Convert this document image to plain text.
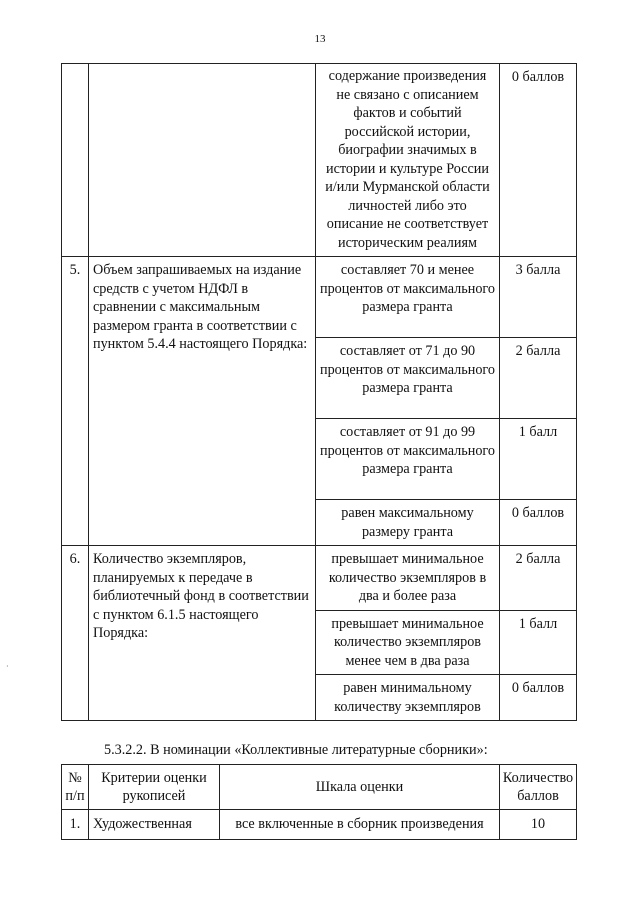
13
		содержание произведения не связано с описанием фактов и событий российской истории, биографии значимых в истории и культуре России и/или Мурманской области личностей либо это описание не соответствует историческим реалиям	0 баллов
5.	Объем запрашиваемых на издание средств с учетом НДФЛ в сравнении с максимальным размером гранта в соответствии с пунктом 5.4.4 настоящего Порядка:	составляет 70 и менее процентов от максимального размера гранта	3 балла
		составляет от 71 до 90 процентов от максимального размера гранта	2 балла
		составляет от 91 до 99 процентов от максимального размера гранта	1 балл
		равен максимальному размеру гранта	0 баллов
6.	Количество экземпляров, планируемых к передаче в библиотечный фонд в соответствии с пунктом 6.1.5 настоящего Порядка:	превышает минимальное количество экземпляров в два и более раза	2 балла
		превышает минимальное количество экземпляров менее чем в два раза	1 балл
		равен минимальному количеству экземпляров	0 баллов
5.3.2.2. В номинации «Коллективные литературные сборники»:
№ п/п	Критерии оценки рукописей	Шкала оценки	Количество баллов
1.	Художественная	все включенные в сборник произведения	10
·
